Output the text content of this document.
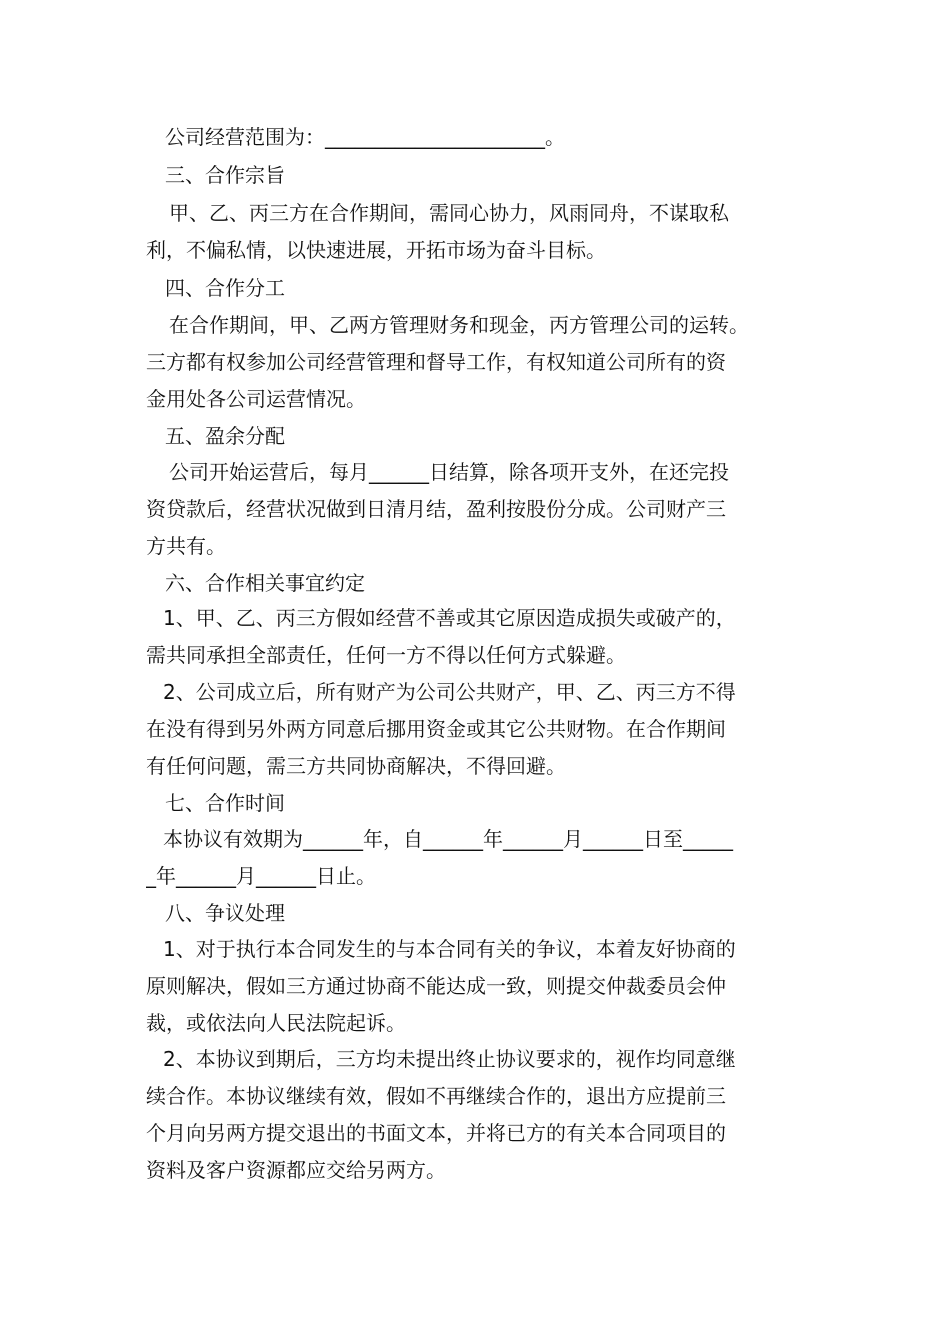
公司经营范围为：______________________。
三、合作宗旨
甲、乙、丙三方在合作期间，需同心协力，风雨同舟，不谋取私
利，不偏私情，以快速进展，开拓市场为奋斗目标。
四、合作分工
在合作期间，甲、乙两方管理财务和现金，丙方管理公司的运转。
三方都有权参加公司经营管理和督导工作，有权知道公司所有的资
金用处各公司运营情况。
五、盈余分配
公司开始运营后，每月______日结算，除各项开支外，在还完投
资贷款后，经营状况做到日清月结，盈利按股份分成。公司财产三
方共有。
六、合作相关事宜约定
1、甲、乙、丙三方假如经营不善或其它原因造成损失或破产的，
需共同承担全部责任，任何一方不得以任何方式躲避。
2、公司成立后，所有财产为公司公共财产，甲、乙、丙三方不得
在没有得到另外两方同意后挪用资金或其它公共财物。在合作期间
有任何问题，需三方共同协商解决，不得回避。
七、合作时间
本协议有效期为______年，自______年______月______日至_____
_年______月______日止。
八、争议处理
1、对于执行本合同发生的与本合同有关的争议，本着友好协商的
原则解决，假如三方通过协商不能达成一致，则提交仲裁委员会仲
裁，或依法向人民法院起诉。
2、本协议到期后，三方均未提出终止协议要求的，视作均同意继
续合作。本协议继续有效，假如不再继续合作的，退出方应提前三
个月向另两方提交退出的书面文本，并将已方的有关本合同项目的
资料及客户资源都应交给另两方。
